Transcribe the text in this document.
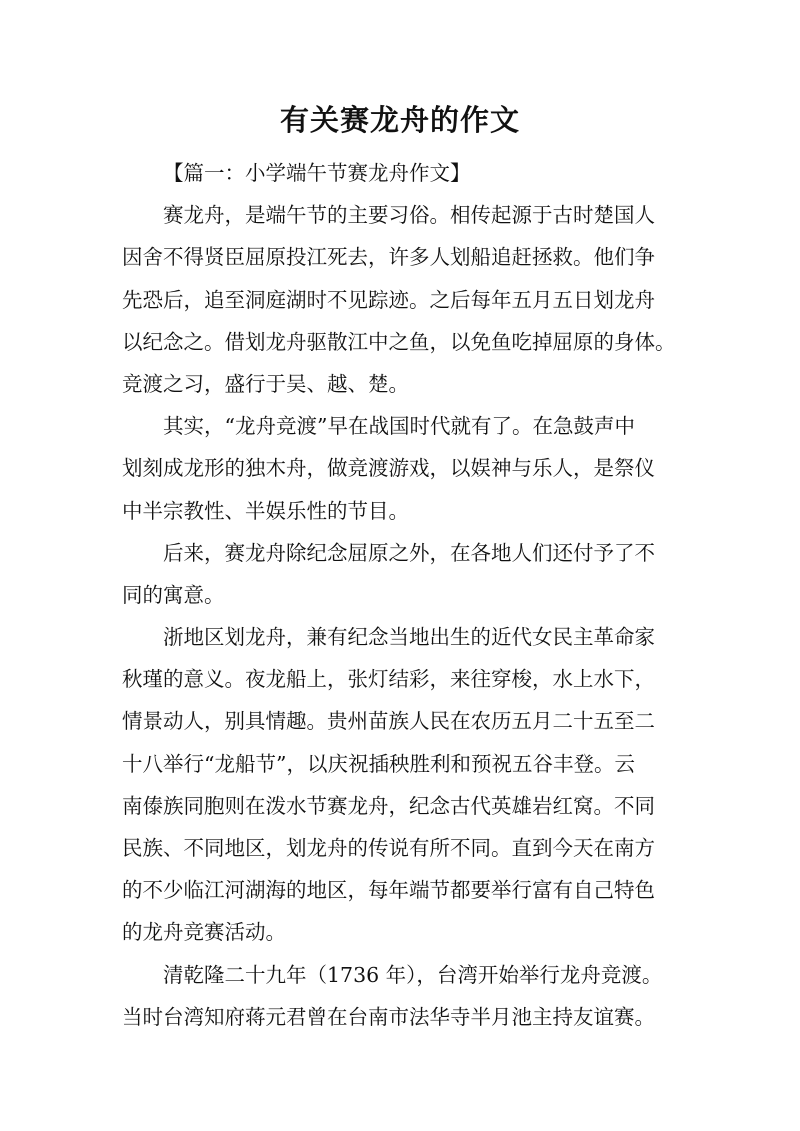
有关赛龙舟的作文
【篇一：小学端午节赛龙舟作文】
赛龙舟，是端午节的主要习俗。相传起源于古时楚国人
因舍不得贤臣屈原投江死去，许多人划船追赶拯救。他们争
先恐后，追至洞庭湖时不见踪迹。之后每年五月五日划龙舟
以纪念之。借划龙舟驱散江中之鱼，以免鱼吃掉屈原的身体。
竞渡之习，盛行于吴、越、楚。
其实，“龙舟竞渡”早在战国时代就有了。在急鼓声中
划刻成龙形的独木舟，做竞渡游戏，以娱神与乐人，是祭仪
中半宗教性、半娱乐性的节目。
后来，赛龙舟除纪念屈原之外，在各地人们还付予了不
同的寓意。
浙地区划龙舟，兼有纪念当地出生的近代女民主革命家
秋瑾的意义。夜龙船上，张灯结彩，来往穿梭，水上水下，
情景动人，别具情趣。贵州苗族人民在农历五月二十五至二
十八举行“龙船节”，以庆祝插秧胜利和预祝五谷丰登。云
南傣族同胞则在泼水节赛龙舟，纪念古代英雄岩红窝。不同
民族、不同地区，划龙舟的传说有所不同。直到今天在南方
的不少临江河湖海的地区，每年端节都要举行富有自己特色
的龙舟竞赛活动。
清乾隆二十九年（1736 年），台湾开始举行龙舟竞渡。
当时台湾知府蒋元君曾在台南市法华寺半月池主持友谊赛。
